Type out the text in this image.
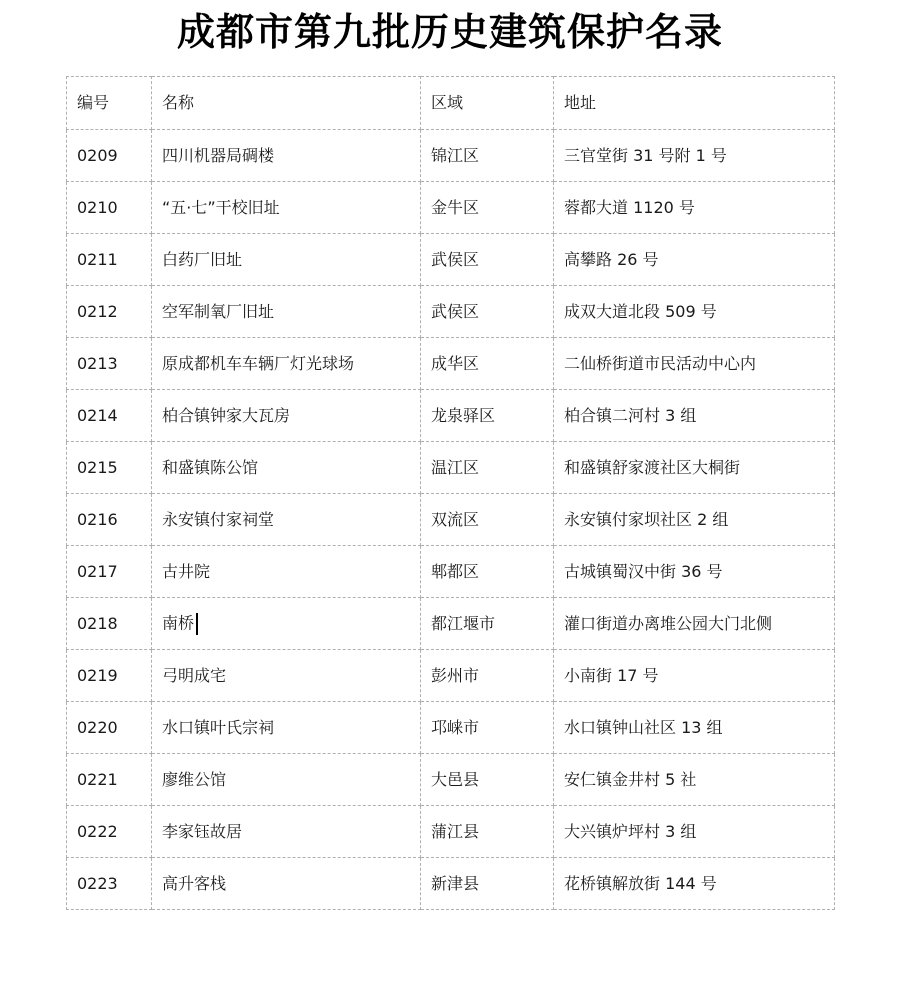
成都市第九批历史建筑保护名录
编号	名称	区域	地址
0209	四川机器局碉楼	锦江区	三官堂街 31 号附 1 号
0210	“五·七”干校旧址	金牛区	蓉都大道 1120 号
0211	白药厂旧址	武侯区	高攀路 26 号
0212	空军制氧厂旧址	武侯区	成双大道北段 509 号
0213	原成都机车车辆厂灯光球场	成华区	二仙桥街道市民活动中心内
0214	柏合镇钟家大瓦房	龙泉驿区	柏合镇二河村 3 组
0215	和盛镇陈公馆	温江区	和盛镇舒家渡社区大桐街
0216	永安镇付家祠堂	双流区	永安镇付家坝社区 2 组
0217	古井院	郫都区	古城镇蜀汉中街 36 号
0218	南桥	都江堰市	灌口街道办离堆公园大门北侧
0219	弓明成宅	彭州市	小南街 17 号
0220	水口镇叶氏宗祠	邛崃市	水口镇钟山社区 13 组
0221	廖维公馆	大邑县	安仁镇金井村 5 社
0222	李家钰故居	蒲江县	大兴镇炉坪村 3 组
0223	高升客栈	新津县	花桥镇解放街 144 号
